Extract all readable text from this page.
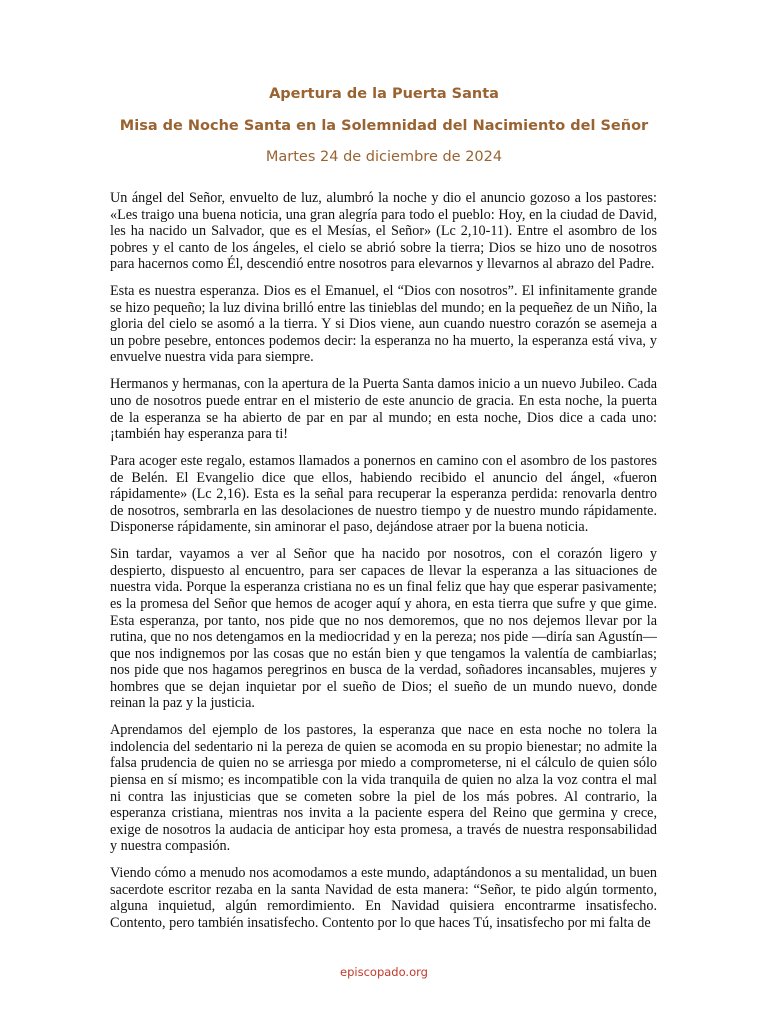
Apertura de la Puerta Santa
Misa de Noche Santa en la Solemnidad del Nacimiento del Señor
Martes 24 de diciembre de 2024

Un ángel del Señor, envuelto de luz, alumbró la noche y dio el anuncio gozoso a los pastores: «Les traigo una buena noticia, una gran alegría para todo el pueblo: Hoy, en la ciudad de David, les ha nacido un Salvador, que es el Mesías, el Señor» (Lc 2,10-11). Entre el asombro de los pobres y el canto de los ángeles, el cielo se abrió sobre la tierra; Dios se hizo uno de nosotros para hacernos como Él, descendió entre nosotros para elevarnos y llevarnos al abrazo del Padre.

Esta es nuestra esperanza. Dios es el Emanuel, el “Dios con nosotros”. El infinitamente grande se hizo pequeño; la luz divina brilló entre las tinieblas del mundo; en la pequeñez de un Niño, la gloria del cielo se asomó a la tierra. Y si Dios viene, aun cuando nuestro corazón se asemeja a un pobre pesebre, entonces podemos decir: la esperanza no ha muerto, la esperanza está viva, y envuelve nuestra vida para siempre.

Hermanos y hermanas, con la apertura de la Puerta Santa damos inicio a un nuevo Jubileo. Cada uno de nosotros puede entrar en el misterio de este anuncio de gracia. En esta noche, la puerta de la esperanza se ha abierto de par en par al mundo; en esta noche, Dios dice a cada uno: ¡también hay esperanza para ti!

Para acoger este regalo, estamos llamados a ponernos en camino con el asombro de los pastores de Belén. El Evangelio dice que ellos, habiendo recibido el anuncio del ángel, «fueron rápidamente» (Lc 2,16). Esta es la señal para recuperar la esperanza perdida: renovarla dentro de nosotros, sembrarla en las desolaciones de nuestro tiempo y de nuestro mundo rápidamente. Disponerse rápidamente, sin aminorar el paso, dejándose atraer por la buena noticia.

Sin tardar, vayamos a ver al Señor que ha nacido por nosotros, con el corazón ligero y despierto, dispuesto al encuentro, para ser capaces de llevar la esperanza a las situaciones de nuestra vida. Porque la esperanza cristiana no es un final feliz que hay que esperar pasivamente; es la promesa del Señor que hemos de acoger aquí y ahora, en esta tierra que sufre y que gime. Esta esperanza, por tanto, nos pide que no nos demoremos, que no nos dejemos llevar por la rutina, que no nos detengamos en la mediocridad y en la pereza; nos pide —diría san Agustín— que nos indignemos por las cosas que no están bien y que tengamos la valentía de cambiarlas; nos pide que nos hagamos peregrinos en busca de la verdad, soñadores incansables, mujeres y hombres que se dejan inquietar por el sueño de Dios; el sueño de un mundo nuevo, donde reinan la paz y la justicia.

Aprendamos del ejemplo de los pastores, la esperanza que nace en esta noche no tolera la indolencia del sedentario ni la pereza de quien se acomoda en su propio bienestar; no admite la falsa prudencia de quien no se arriesga por miedo a comprometerse, ni el cálculo de quien sólo piensa en sí mismo; es incompatible con la vida tranquila de quien no alza la voz contra el mal ni contra las injusticias que se cometen sobre la piel de los más pobres. Al contrario, la esperanza cristiana, mientras nos invita a la paciente espera del Reino que germina y crece, exige de nosotros la audacia de anticipar hoy esta promesa, a través de nuestra responsabilidad y nuestra compasión.

Viendo cómo a menudo nos acomodamos a este mundo, adaptándonos a su mentalidad, un buen sacerdote escritor rezaba en la santa Navidad de esta manera: “Señor, te pido algún tormento, alguna inquietud, algún remordimiento. En Navidad quisiera encontrarme insatisfecho. Contento, pero también insatisfecho. Contento por lo que haces Tú, insatisfecho por mi falta de

episcopado.org
